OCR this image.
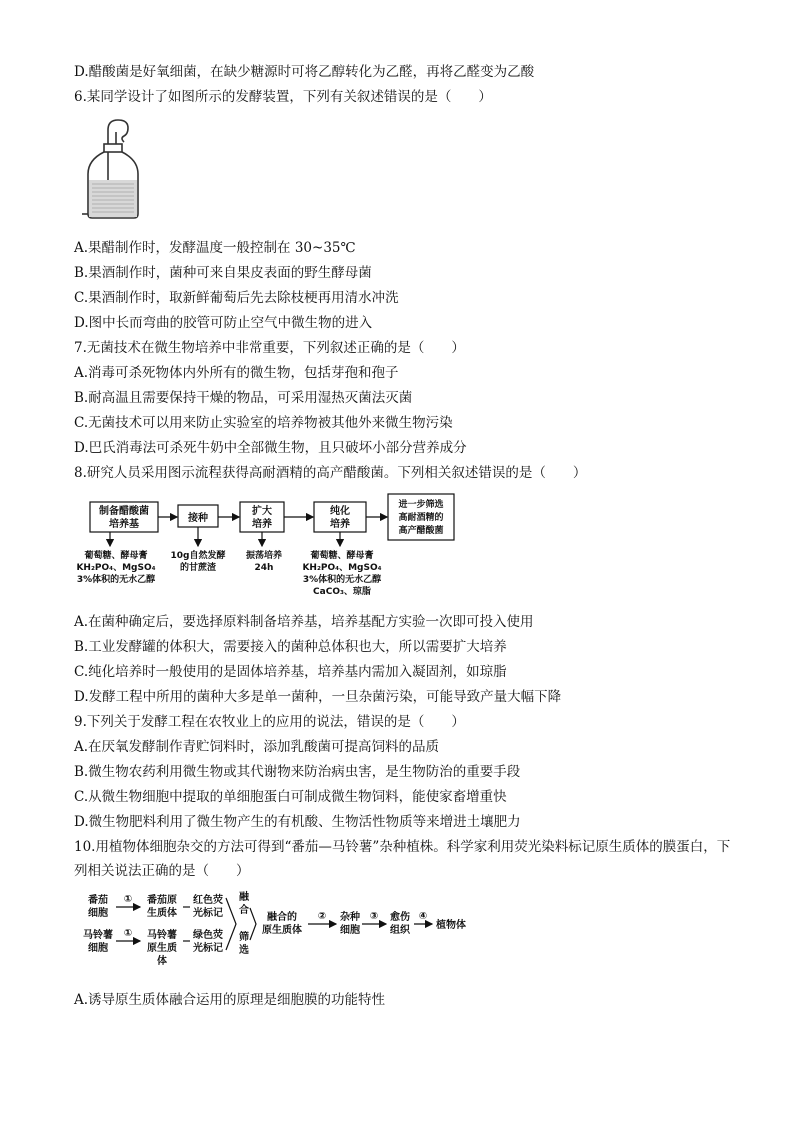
D.醋酸菌是好氧细菌，在缺少糖源时可将乙醇转化为乙醛，再将乙醛变为乙酸
6.某同学设计了如图所示的发酵装置，下列有关叙述错误的是（　　）
A.果醋制作时，发酵温度一般控制在 30~35℃
B.果酒制作时，菌种可来自果皮表面的野生酵母菌
C.果酒制作时，取新鲜葡萄后先去除枝梗再用清水冲洗
D.图中长而弯曲的胶管可防止空气中微生物的进入
7.无菌技术在微生物培养中非常重要，下列叙述正确的是（　　）
A.消毒可杀死物体内外所有的微生物，包括芽孢和孢子
B.耐高温且需要保持干燥的物品，可采用湿热灭菌法灭菌
C.无菌技术可以用来防止实验室的培养物被其他外来微生物污染
D.巴氏消毒法可杀死牛奶中全部微生物，且只破坏小部分营养成分
8.研究人员采用图示流程获得高耐酒精的高产醋酸菌。下列相关叙述错误的是（　　）
制备醋酸菌
培养基
接种
扩大
培养
纯化
培养
进一步筛选
高耐酒精的
高产醋酸菌
葡萄糖、酵母膏
KH₂PO₄、MgSO₄
3%体积的无水乙醇
10g自然发酵
的甘蔗渣
振荡培养
24h
葡萄糖、酵母膏
KH₂PO₄、MgSO₄
3%体积的无水乙醇
CaCO₃、琼脂
A.在菌种确定后，要选择原料制备培养基，培养基配方实验一次即可投入使用
B.工业发酵罐的体积大，需要接入的菌种总体积也大，所以需要扩大培养
C.纯化培养时一般使用的是固体培养基，培养基内需加入凝固剂，如琼脂
D.发酵工程中所用的菌种大多是单一菌种，一旦杂菌污染，可能导致产量大幅下降
9.下列关于发酵工程在农牧业上的应用的说法，错误的是（　　）
A.在厌氧发酵制作青贮饲料时，添加乳酸菌可提高饲料的品质
B.微生物农药利用微生物或其代谢物来防治病虫害，是生物防治的重要手段
C.从微生物细胞中提取的单细胞蛋白可制成微生物饲料，能使家畜增重快
D.微生物肥料利用了微生物产生的有机酸、生物活性物质等来增进土壤肥力
10.用植物体细胞杂交的方法可得到“番茄—马铃薯”杂种植株。科学家利用荧光染料标记原生质体的膜蛋白，下列相关说法正确的是（　　）
番茄
细胞
马铃薯
细胞
①
①
番茄原
生质体
马铃薯
原生质
体
红色荧
光标记
绿色荧
光标记
融
合
筛
选
融合的
原生质体
② 杂种
细胞
③ 愈伤
组织
④
植物体
A.诱导原生质体融合运用的原理是细胞膜的功能特性
